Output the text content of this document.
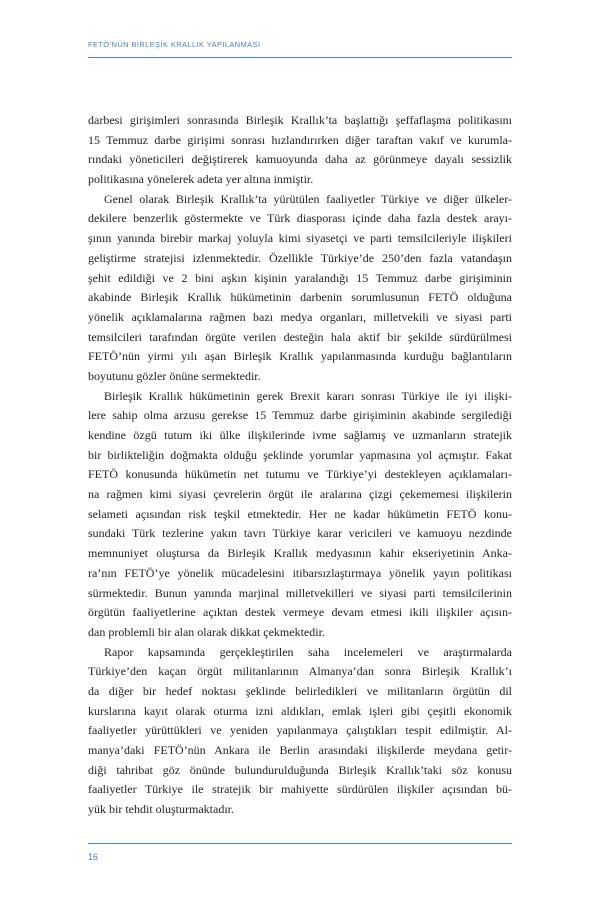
FETÖ’NÜN BİRLEŞİK KRALLIK YAPILANMASI
darbesi girişimleri sonrasında Birleşik Krallık’ta başlattığı şeffaflaşma politikasını
15 Temmuz darbe girişimi sonrası hızlandırırken diğer taraftan vakıf ve kurumla-
rındaki yöneticileri değiştirerek kamuoyunda daha az görünmeye dayalı sessizlik
politikasına yönelerek adeta yer altına inmiştir.
Genel olarak Birleşik Krallık’ta yürütülen faaliyetler Türkiye ve diğer ülkeler-
dekilere benzerlik göstermekte ve Türk diasporası içinde daha fazla destek arayı-
şının yanında birebir markaj yoluyla kimi siyasetçi ve parti temsilcileriyle ilişkileri
geliştirme stratejisi izlenmektedir. Özellikle Türkiye’de 250’den fazla vatandaşın
şehit edildiği ve 2 bini aşkın kişinin yaralandığı 15 Temmuz darbe girişiminin
akabinde Birleşik Krallık hükümetinin darbenin sorumlusunun FETÖ olduğuna
yönelik açıklamalarına rağmen bazı medya organları, milletvekili ve siyasi parti
temsilcileri tarafından örgüte verilen desteğin hala aktif bir şekilde sürdürülmesi
FETÖ’nün yirmi yılı aşan Birleşik Krallık yapılanmasında kurduğu bağlantıların
boyutunu gözler önüne sermektedir.
Birleşik Krallık hükümetinin gerek Brexit kararı sonrası Türkiye ile iyi ilişki-
lere sahip olma arzusu gerekse 15 Temmuz darbe girişiminin akabinde sergilediği
kendine özgü tutum iki ülke ilişkilerinde ivme sağlamış ve uzmanların stratejik
bir birlikteliğin doğmakta olduğu şeklinde yorumlar yapmasına yol açmıştır. Fakat
FETÖ konusunda hükümetin net tutumu ve Türkiye’yi destekleyen açıklamaları-
na rağmen kimi siyasi çevrelerin örgüt ile aralarına çizgi çekememesi ilişkilerin
selameti açısından risk teşkil etmektedir. Her ne kadar hükümetin FETÖ konu-
sundaki Türk tezlerine yakın tavrı Türkiye karar vericileri ve kamuoyu nezdinde
memnuniyet oluştursa da Birleşik Krallık medyasının kahir ekseriyetinin Anka-
ra’nın FETÖ’ye yönelik mücadelesini itibarsızlaştırmaya yönelik yayın politikası
sürmektedir. Bunun yanında marjinal milletvekilleri ve siyasi parti temsilcilerinin
örgütün faaliyetlerine açıktan destek vermeye devam etmesi ikili ilişkiler açısın-
dan problemli bir alan olarak dikkat çekmektedir.
Rapor kapsamında gerçekleştirilen saha incelemeleri ve araştırmalarda
Türkiye’den kaçan örgüt militanlarının Almanya’dan sonra Birleşik Krallık’ı
da diğer bir hedef noktası şeklinde belirledikleri ve militanların örgütün dil
kurslarına kayıt olarak oturma izni aldıkları, emlak işleri gibi çeşitli ekonomik
faaliyetler yürüttükleri ve yeniden yapılanmaya çalıştıkları tespit edilmiştir. Al-
manya’daki FETÖ’nün Ankara ile Berlin arasındaki ilişkilerde meydana getir-
diği tahribat göz önünde bulundurulduğunda Birleşik Krallık’taki söz konusu
faaliyetler Türkiye ile stratejik bir mahiyette sürdürülen ilişkiler açısından bü-
yük bir tehdit oluşturmaktadır.
16
